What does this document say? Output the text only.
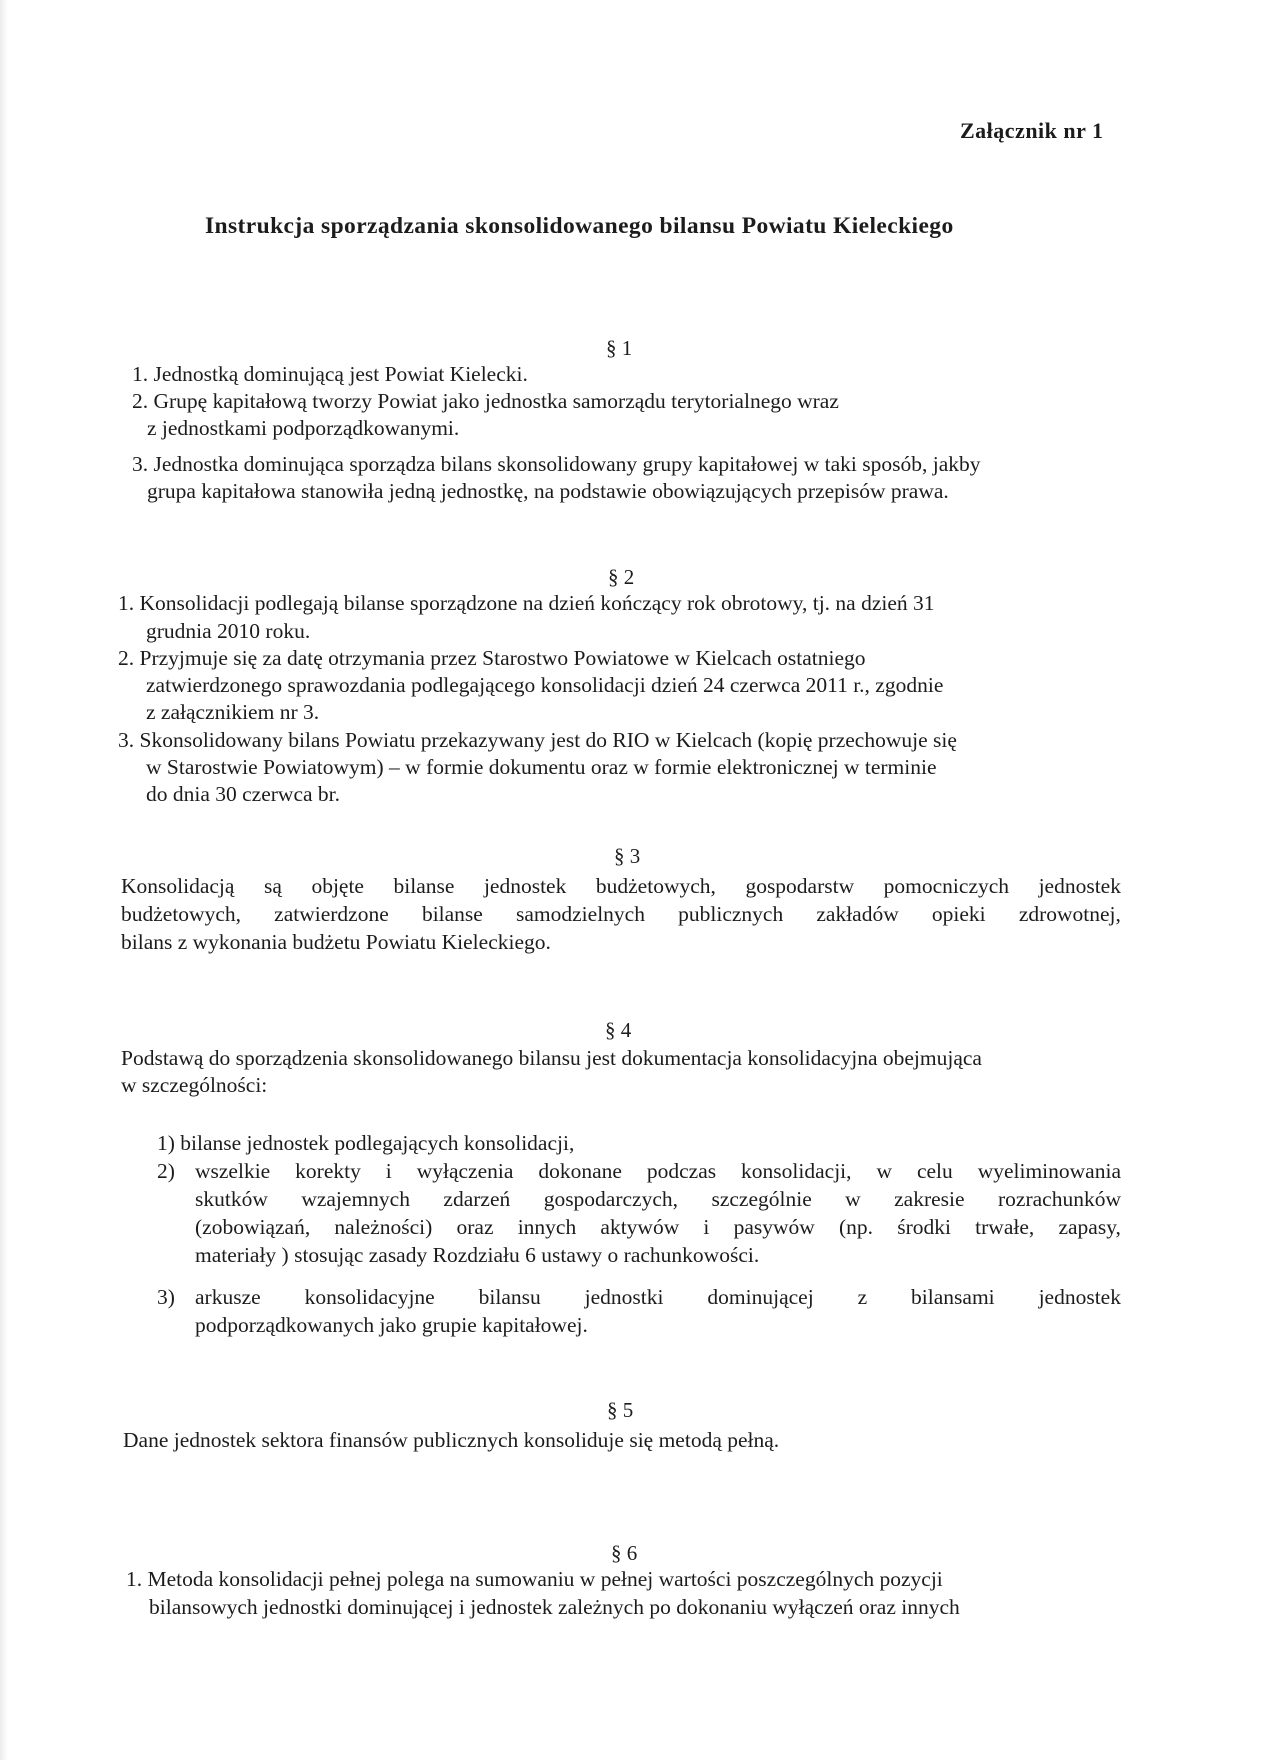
Załącznik nr 1
Instrukcja sporządzania skonsolidowanego bilansu Powiatu Kieleckiego
§ 1
1. Jednostką dominującą jest Powiat Kielecki.
2. Grupę kapitałową tworzy Powiat jako jednostka samorządu terytorialnego wraz
z jednostkami podporządkowanymi.
3. Jednostka dominująca sporządza bilans skonsolidowany grupy kapitałowej w taki sposób, jakby
grupa kapitałowa stanowiła jedną jednostkę, na podstawie obowiązujących przepisów prawa.
§ 2
1. Konsolidacji podlegają bilanse sporządzone na dzień kończący rok obrotowy, tj. na dzień 31
grudnia 2010 roku.
2. Przyjmuje się za datę otrzymania przez Starostwo Powiatowe w Kielcach ostatniego
zatwierdzonego sprawozdania podlegającego konsolidacji dzień 24 czerwca 2011 r., zgodnie
z załącznikiem nr 3.
3. Skonsolidowany bilans Powiatu przekazywany jest do RIO w Kielcach (kopię przechowuje się
w Starostwie Powiatowym) – w formie dokumentu oraz w formie elektronicznej w terminie
do dnia 30 czerwca br.
§ 3
Konsolidacją są objęte bilanse jednostek budżetowych, gospodarstw pomocniczych jednostek
budżetowych, zatwierdzone bilanse samodzielnych publicznych zakładów opieki zdrowotnej,
bilans z wykonania budżetu Powiatu Kieleckiego.
§ 4
Podstawą do sporządzenia skonsolidowanego bilansu jest dokumentacja konsolidacyjna obejmująca
w szczególności:
1) bilanse jednostek podlegających konsolidacji,
2) wszelkie korekty i wyłączenia dokonane podczas konsolidacji, w celu wyeliminowania
skutków wzajemnych zdarzeń gospodarczych, szczególnie w zakresie rozrachunków
(zobowiązań, należności) oraz innych aktywów i pasywów (np. środki trwałe, zapasy,
materiały ) stosując zasady Rozdziału 6 ustawy o rachunkowości.
3) arkusze konsolidacyjne bilansu jednostki dominującej z bilansami jednostek
podporządkowanych jako grupie kapitałowej.
§ 5
Dane jednostek sektora finansów publicznych konsoliduje się metodą pełną.
§ 6
1. Metoda konsolidacji pełnej polega na sumowaniu w pełnej wartości poszczególnych pozycji
bilansowych jednostki dominującej i jednostek zależnych po dokonaniu wyłączeń oraz innych
